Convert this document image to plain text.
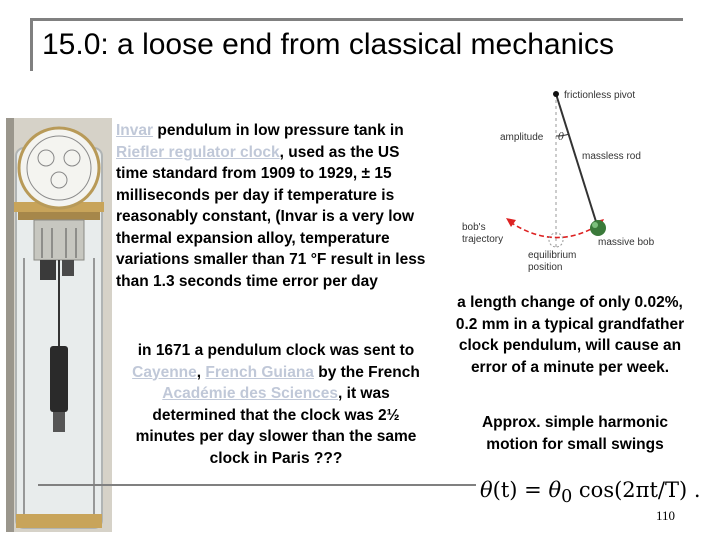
15.0: a loose end from classical mechanics
Invar pendulum in low pressure tank in Riefler regulator clock, used as the US time standard from 1909 to 1929, ± 15 milliseconds per day if temperature is reasonably constant, (Invar is a very low thermal expansion alloy, temperature variations smaller than 71 °F result in less than 1.3 seconds time error per day
in 1671 a pendulum clock was sent to Cayenne, French Guiana by the French Académie des Sciences, it was determined that the clock was 2½ minutes per day slower than the same clock in Paris ???
frictionless pivot
amplitude θ
massless rod
bob's
trajectory	massive bob
equilibrium
position
a length change of only 0.02%, 0.2 mm in a typical grandfather clock pendulum, will cause an error of a minute per week.
Approx. simple harmonic motion for small swings
$\theta(t) = \theta_0$ cos(2πt/T) .
110
